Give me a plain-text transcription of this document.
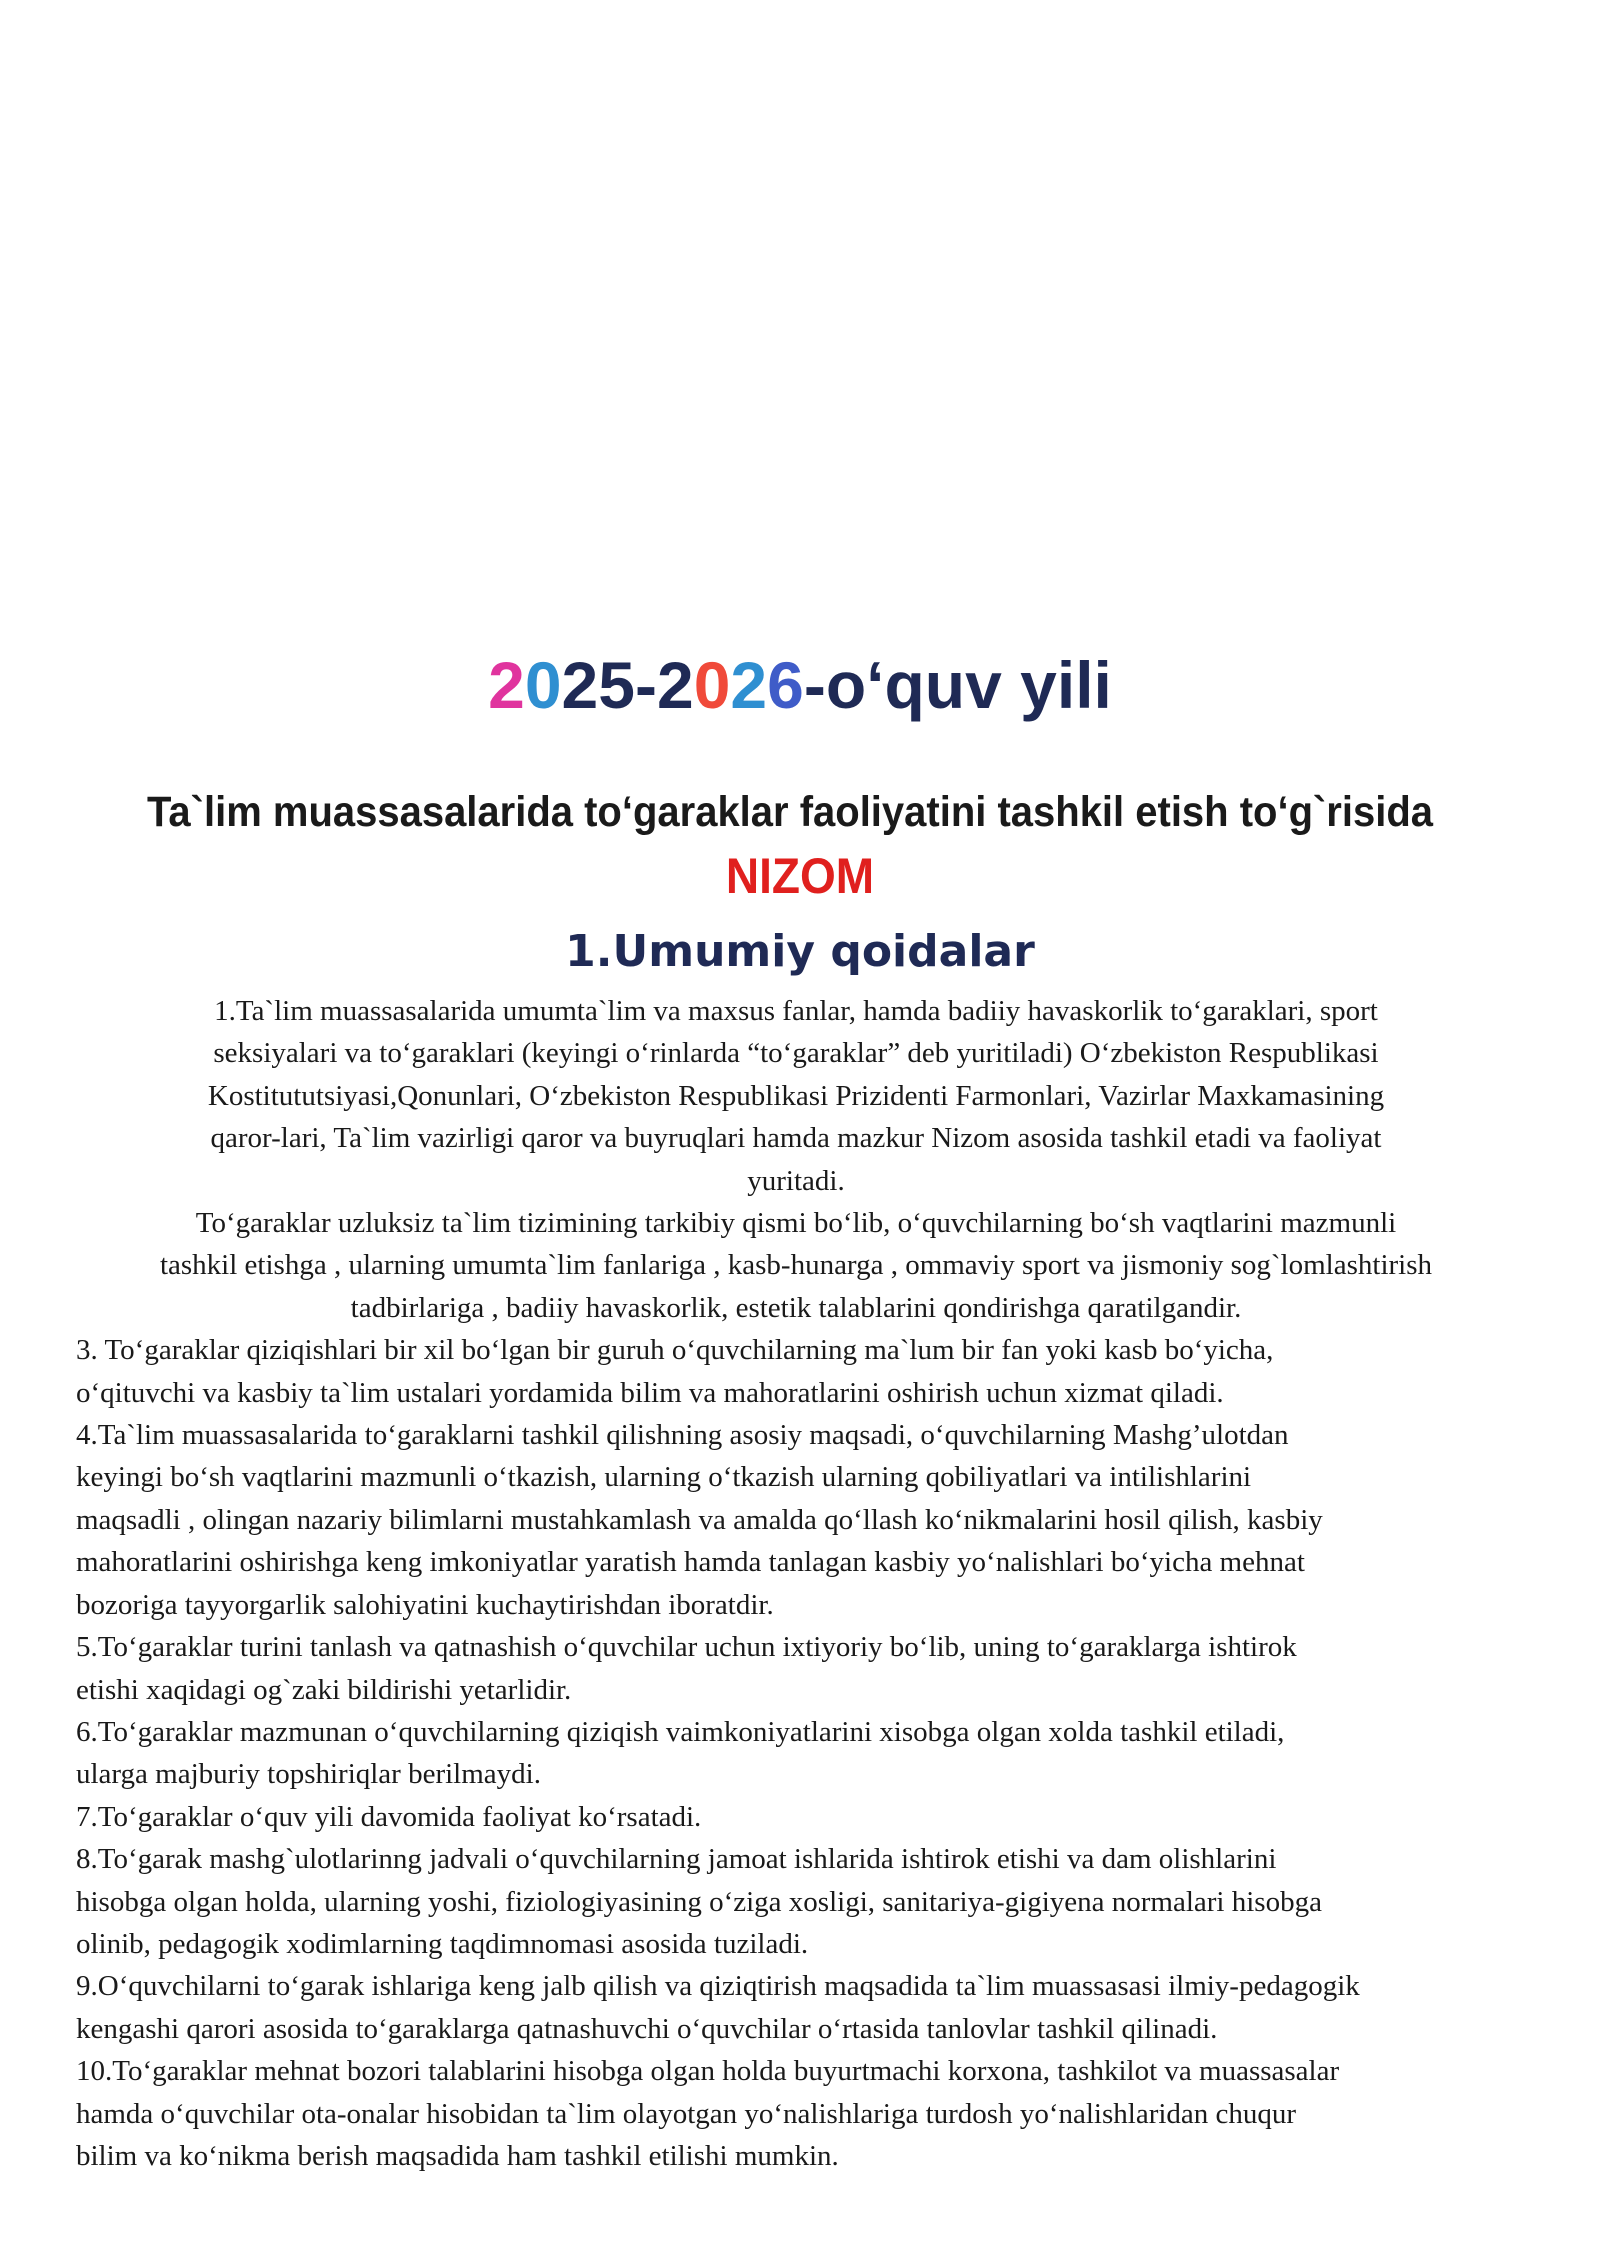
2025-2026-o‘quv yili
Ta`lim muassasalarida to‘garaklar faoliyatini tashkil etish to‘g`risida
NIZOM
1.Umumiy qoidalar

1.Ta`lim muassasalarida umumta`lim va maxsus fanlar, hamda badiiy havaskorlik to‘garaklari, sport
seksiyalari va to‘garaklari (keyingi o‘rinlarda “to‘garaklar” deb yuritiladi) O‘zbekiston Respublikasi
Kostitututsiyasi,Qonunlari, O‘zbekiston Respublikasi Prizidenti Farmonlari, Vazirlar Maxkamasining
qaror-lari, Ta`lim vazirligi qaror va buyruqlari hamda mazkur Nizom asosida tashkil etadi va faoliyat
yuritadi.

To‘garaklar uzluksiz ta`lim tizimining tarkibiy qismi bo‘lib, o‘quvchilarning bo‘sh vaqtlarini mazmunli
tashkil etishga , ularning umumta`lim fanlariga , kasb-hunarga , ommaviy sport va jismoniy sog`lomlashtirish
tadbirlariga , badiiy havaskorlik, estetik talablarini qondirishga qaratilgandir.

3. To‘garaklar qiziqishlari bir xil bo‘lgan bir guruh o‘quvchilarning ma`lum bir fan yoki kasb bo‘yicha,
o‘qituvchi va kasbiy ta`lim ustalari yordamida bilim va mahoratlarini oshirish uchun xizmat qiladi.

4.Ta`lim muassasalarida to‘garaklarni tashkil qilishning asosiy maqsadi, o‘quvchilarning Mashg’ulotdan
keyingi bo‘sh vaqtlarini mazmunli o‘tkazish, ularning o‘tkazish ularning qobiliyatlari va intilishlarini
maqsadli , olingan nazariy bilimlarni mustahkamlash va amalda qo‘llash ko‘nikmalarini hosil qilish, kasbiy
mahoratlarini oshirishga keng imkoniyatlar yaratish hamda tanlagan kasbiy yo‘nalishlari bo‘yicha mehnat
bozoriga tayyorgarlik salohiyatini kuchaytirishdan iboratdir.

5.To‘garaklar turini tanlash va qatnashish o‘quvchilar uchun ixtiyoriy bo‘lib, uning to‘garaklarga ishtirok
etishi xaqidagi og`zaki bildirishi yetarlidir.

6.To‘garaklar mazmunan o‘quvchilarning qiziqish vaimkoniyatlarini xisobga olgan xolda tashkil etiladi,
ularga majburiy topshiriqlar berilmaydi.

7.To‘garaklar o‘quv yili davomida faoliyat ko‘rsatadi.

8.To‘garak mashg`ulotlarinng jadvali o‘quvchilarning jamoat ishlarida ishtirok etishi va dam olishlarini
hisobga olgan holda, ularning yoshi, fiziologiyasining o‘ziga xosligi, sanitariya-gigiyena normalari hisobga
olinib, pedagogik xodimlarning taqdimnomasi asosida tuziladi.

9.O‘quvchilarni to‘garak ishlariga keng jalb qilish va qiziqtirish maqsadida ta`lim muassasasi ilmiy-pedagogik
kengashi qarori asosida to‘garaklarga qatnashuvchi o‘quvchilar o‘rtasida tanlovlar tashkil qilinadi.

10.To‘garaklar mehnat bozori talablarini hisobga olgan holda buyurtmachi korxona, tashkilot va muassasalar
hamda o‘quvchilar ota-onalar hisobidan ta`lim olayotgan yo‘nalishlariga turdosh yo‘nalishlaridan chuqur
bilim va ko‘nikma berish maqsadida ham tashkil etilishi mumkin.
